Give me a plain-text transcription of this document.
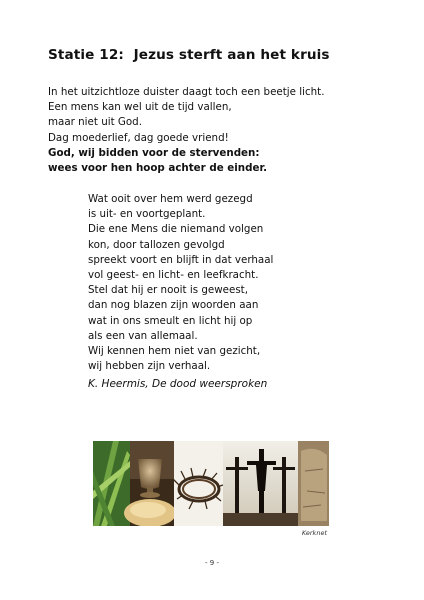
Statie 12:  Jezus sterft aan het kruis
In het uitzichtloze duister daagt toch een beetje licht.
Een mens kan wel uit de tijd vallen,
maar niet uit God.
Dag moederlief, dag goede vriend!
God, wij bidden voor de stervenden:
wees voor hen hoop achter de einder.
Wat ooit over hem werd gezegd
is uit- en voortgeplant.
Die ene Mens die niemand volgen
kon, door tallozen gevolgd
spreekt voort en blijft in dat verhaal
vol geest- en licht- en leefkracht.
Stel dat hij er nooit is geweest,
dan nog blazen zijn woorden aan
wat in ons smeult en licht hij op
als een van allemaal.
Wij kennen hem niet van gezicht,
wij hebben zijn verhaal.
K. Heermis, De dood weersproken
Kerknet
- 9 -
